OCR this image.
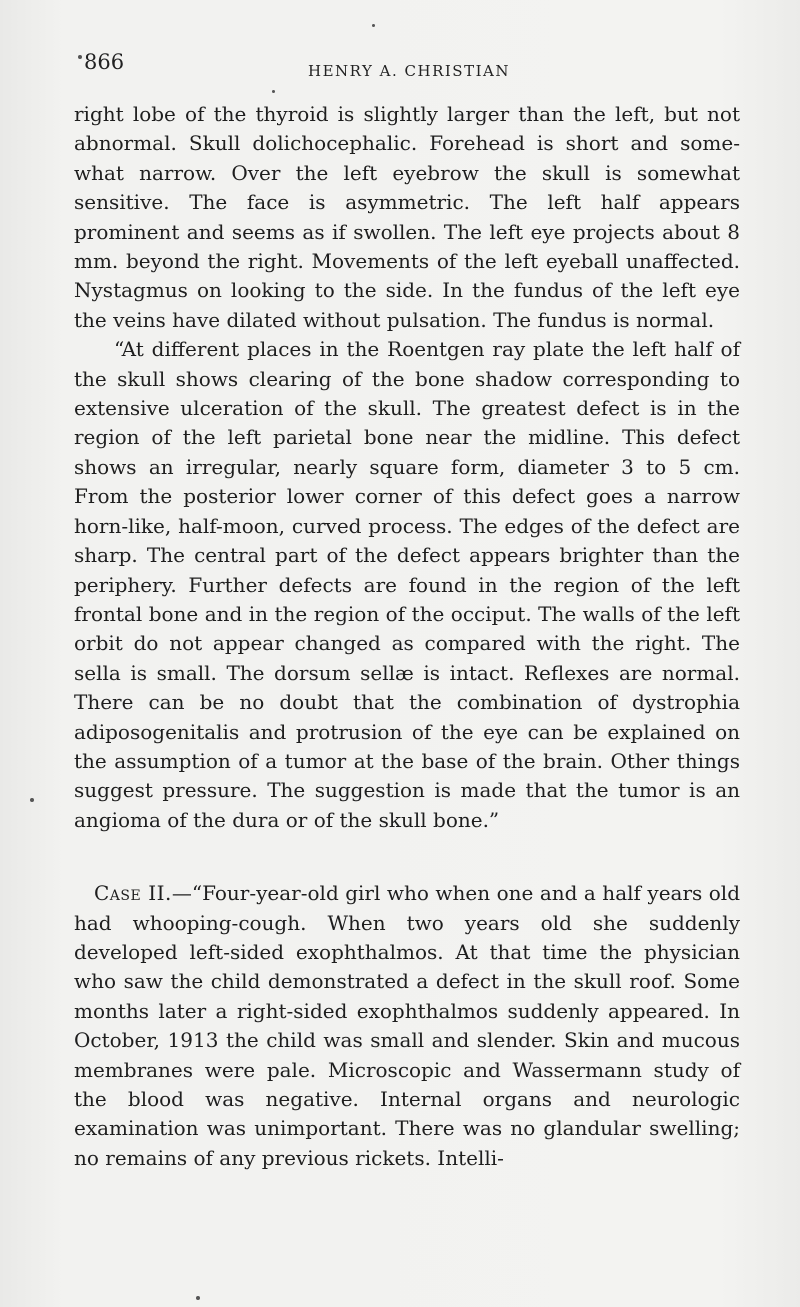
866	HENRY A. CHRISTIAN

right lobe of the thyroid is slightly larger than the left, but not abnormal. Skull dolichocephalic. Forehead is short and somewhat narrow. Over the left eyebrow the skull is somewhat sensitive. The face is asymmetric. The left half appears prominent and seems as if swollen. The left eye projects about 8 mm. beyond the right. Movements of the left eyeball unaffected. Nystagmus on looking to the side. In the fundus of the left eye the veins have dilated without pulsation. The fundus is normal.

“At different places in the Roentgen ray plate the left half of the skull shows clearing of the bone shadow corresponding to extensive ulceration of the skull. The greatest defect is in the region of the left parietal bone near the midline. This defect shows an irregular, nearly square form, diameter 3 to 5 cm. From the posterior lower corner of this defect goes a narrow horn-like, half-moon, curved process. The edges of the defect are sharp. The central part of the defect appears brighter than the periphery. Further defects are found in the region of the left frontal bone and in the region of the occiput. The walls of the left orbit do not appear changed as compared with the right. The sella is small. The dorsum sellæ is intact. Reflexes are normal. There can be no doubt that the combination of dystrophia adiposogenitalis and protrusion of the eye can be explained on the assumption of a tumor at the base of the brain. Other things suggest pressure. The suggestion is made that the tumor is an angioma of the dura or of the skull bone.”

Case II.—“Four-year-old girl who when one and a half years old had whooping-cough. When two years old she suddenly developed left-sided exophthalmos. At that time the physician who saw the child demonstrated a defect in the skull roof. Some months later a right-sided exophthalmos suddenly appeared. In October, 1913 the child was small and slender. Skin and mucous membranes were pale. Microscopic and Wassermann study of the blood was negative. Internal organs and neurologic examination was unimportant. There was no glandular swelling; no remains of any previous rickets. Intelli-
